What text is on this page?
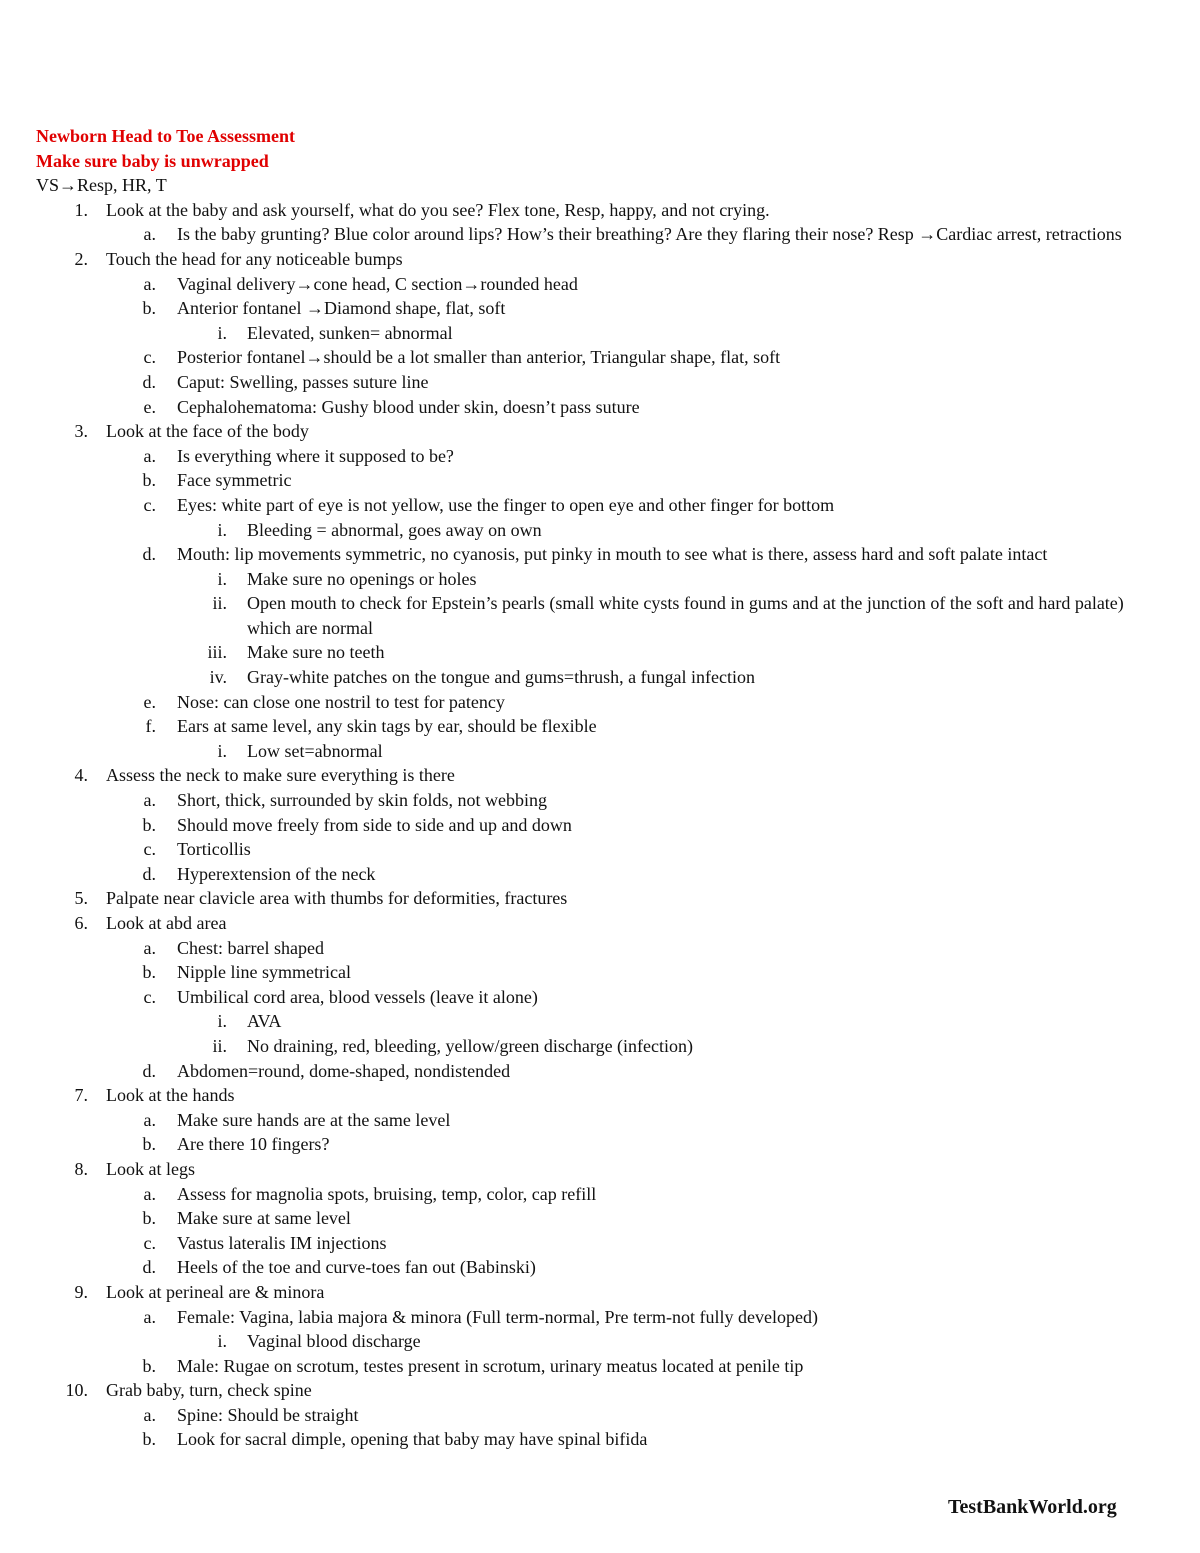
Newborn Head to Toe Assessment
Make sure baby is unwrapped
VS→Resp, HR, T
1. Look at the baby and ask yourself, what do you see? Flex tone, Resp, happy, and not crying.
a. Is the baby grunting? Blue color around lips? How’s their breathing? Are they flaring their nose? Resp →Cardiac arrest, retractions
2. Touch the head for any noticeable bumps
a. Vaginal delivery→cone head, C section→rounded head
b. Anterior fontanel →Diamond shape, flat, soft
i. Elevated, sunken= abnormal
c. Posterior fontanel→should be a lot smaller than anterior, Triangular shape, flat, soft
d. Caput: Swelling, passes suture line
e. Cephalohematoma: Gushy blood under skin, doesn’t pass suture
3. Look at the face of the body
a. Is everything where it supposed to be?
b. Face symmetric
c. Eyes: white part of eye is not yellow, use the finger to open eye and other finger for bottom
i. Bleeding = abnormal, goes away on own
d. Mouth: lip movements symmetric, no cyanosis, put pinky in mouth to see what is there, assess hard and soft palate intact
i. Make sure no openings or holes
ii. Open mouth to check for Epstein’s pearls (small white cysts found in gums and at the junction of the soft and hard palate) which are normal
iii. Make sure no teeth
iv. Gray-white patches on the tongue and gums=thrush, a fungal infection
e. Nose: can close one nostril to test for patency
f. Ears at same level, any skin tags by ear, should be flexible
i. Low set=abnormal
4. Assess the neck to make sure everything is there
a. Short, thick, surrounded by skin folds, not webbing
b. Should move freely from side to side and up and down
c. Torticollis
d. Hyperextension of the neck
5. Palpate near clavicle area with thumbs for deformities, fractures
6. Look at abd area
a. Chest: barrel shaped
b. Nipple line symmetrical
c. Umbilical cord area, blood vessels (leave it alone)
i. AVA
ii. No draining, red, bleeding, yellow/green discharge (infection)
d. Abdomen=round, dome-shaped, nondistended
7. Look at the hands
a. Make sure hands are at the same level
b. Are there 10 fingers?
8. Look at legs
a. Assess for magnolia spots, bruising, temp, color, cap refill
b. Make sure at same level
c. Vastus lateralis IM injections
d. Heels of the toe and curve-toes fan out (Babinski)
9. Look at perineal are & minora
a. Female: Vagina, labia majora & minora (Full term-normal, Pre term-not fully developed)
i. Vaginal blood discharge
b. Male: Rugae on scrotum, testes present in scrotum, urinary meatus located at penile tip
10. Grab baby, turn, check spine
a. Spine: Should be straight
b. Look for sacral dimple, opening that baby may have spinal bifida
TestBankWorld.org
